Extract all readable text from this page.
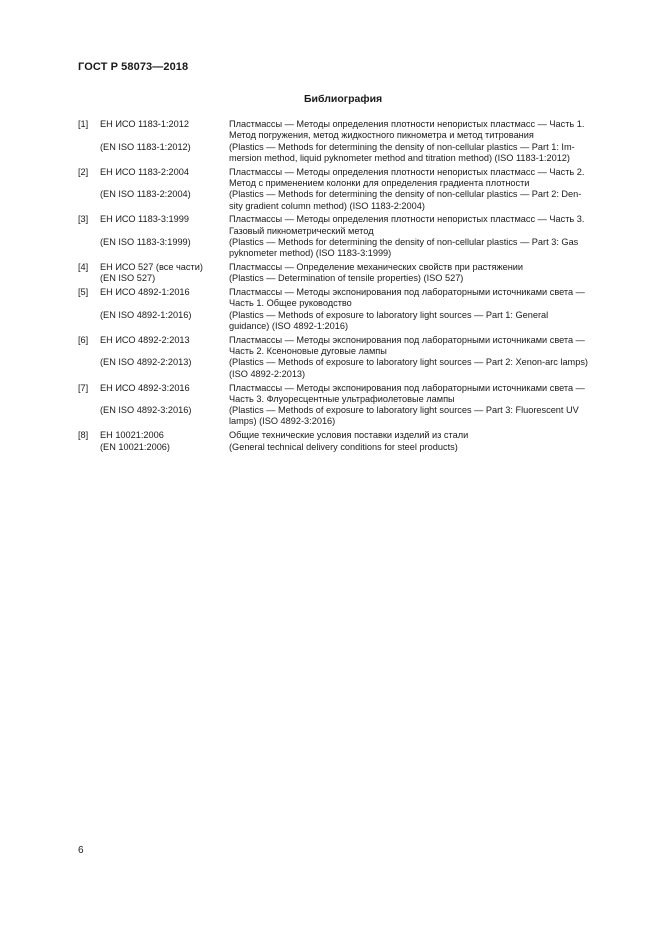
ГОСТ Р 58073—2018
Библиография
[1]	ЕН ИСО 1183-1:2012	Пластмассы — Методы определения плотности непористых пластмасс — Часть 1.
Метод погружения, метод жидкостного пикнометра и метод титрования
(EN ISO 1183-1:2012)	(Plastics — Methods for determining the density of non-cellular plastics — Part 1: Im-
mersion method, liquid pyknometer method and titration method) (ISO 1183-1:2012)
[2]	ЕН ИСО 1183-2:2004	Пластмассы — Методы определения плотности непористых пластмасс — Часть 2.
Метод с применением колонки для определения градиента плотности
(EN ISO 1183-2:2004)	(Plastics — Methods for determining the density of non-cellular plastics — Part 2: Den-
sity gradient column method) (ISO 1183-2:2004)
[3]	ЕН ИСО 1183-3:1999	Пластмассы — Методы определения плотности непористых пластмасс — Часть 3.
Газовый пикнометрический метод
(EN ISO 1183-3:1999)	(Plastics — Methods for determining the density of non-cellular plastics — Part 3: Gas
pyknometer method) (ISO 1183-3:1999)
[4]	ЕН ИСО 527 (все части)	Пластмассы — Определение механических свойств при растяжении
(EN ISO 527)	(Plastics — Determination of tensile properties) (ISO 527)
[5]	ЕН ИСО 4892-1:2016	Пластмассы — Методы экспонирования под лабораторными источниками света —
Часть 1. Общее руководство
(EN ISO 4892-1:2016)	(Plastics — Methods of exposure to laboratory light sources — Part 1: General
guidance) (ISO 4892-1:2016)
[6]	ЕН ИСО 4892-2:2013	Пластмассы — Методы экспонирования под лабораторными источниками света —
Часть 2. Ксеноновые дуговые лампы
(EN ISO 4892-2:2013)	(Plastics — Methods of exposure to laboratory light sources — Part 2: Xenon-arc lamps)
(ISO 4892-2:2013)
[7]	ЕН ИСО 4892-3:2016	Пластмассы — Методы экспонирования под лабораторными источниками света —
Часть 3. Флуоресцентные ультрафиолетовые лампы
(EN ISO 4892-3:2016)	(Plastics — Methods of exposure to laboratory light sources — Part 3: Fluorescent UV
lamps) (ISO 4892-3:2016)
[8]	ЕН 10021:2006	Общие технические условия поставки изделий из стали
(EN 10021:2006)	(General technical delivery conditions for steel products)
6
